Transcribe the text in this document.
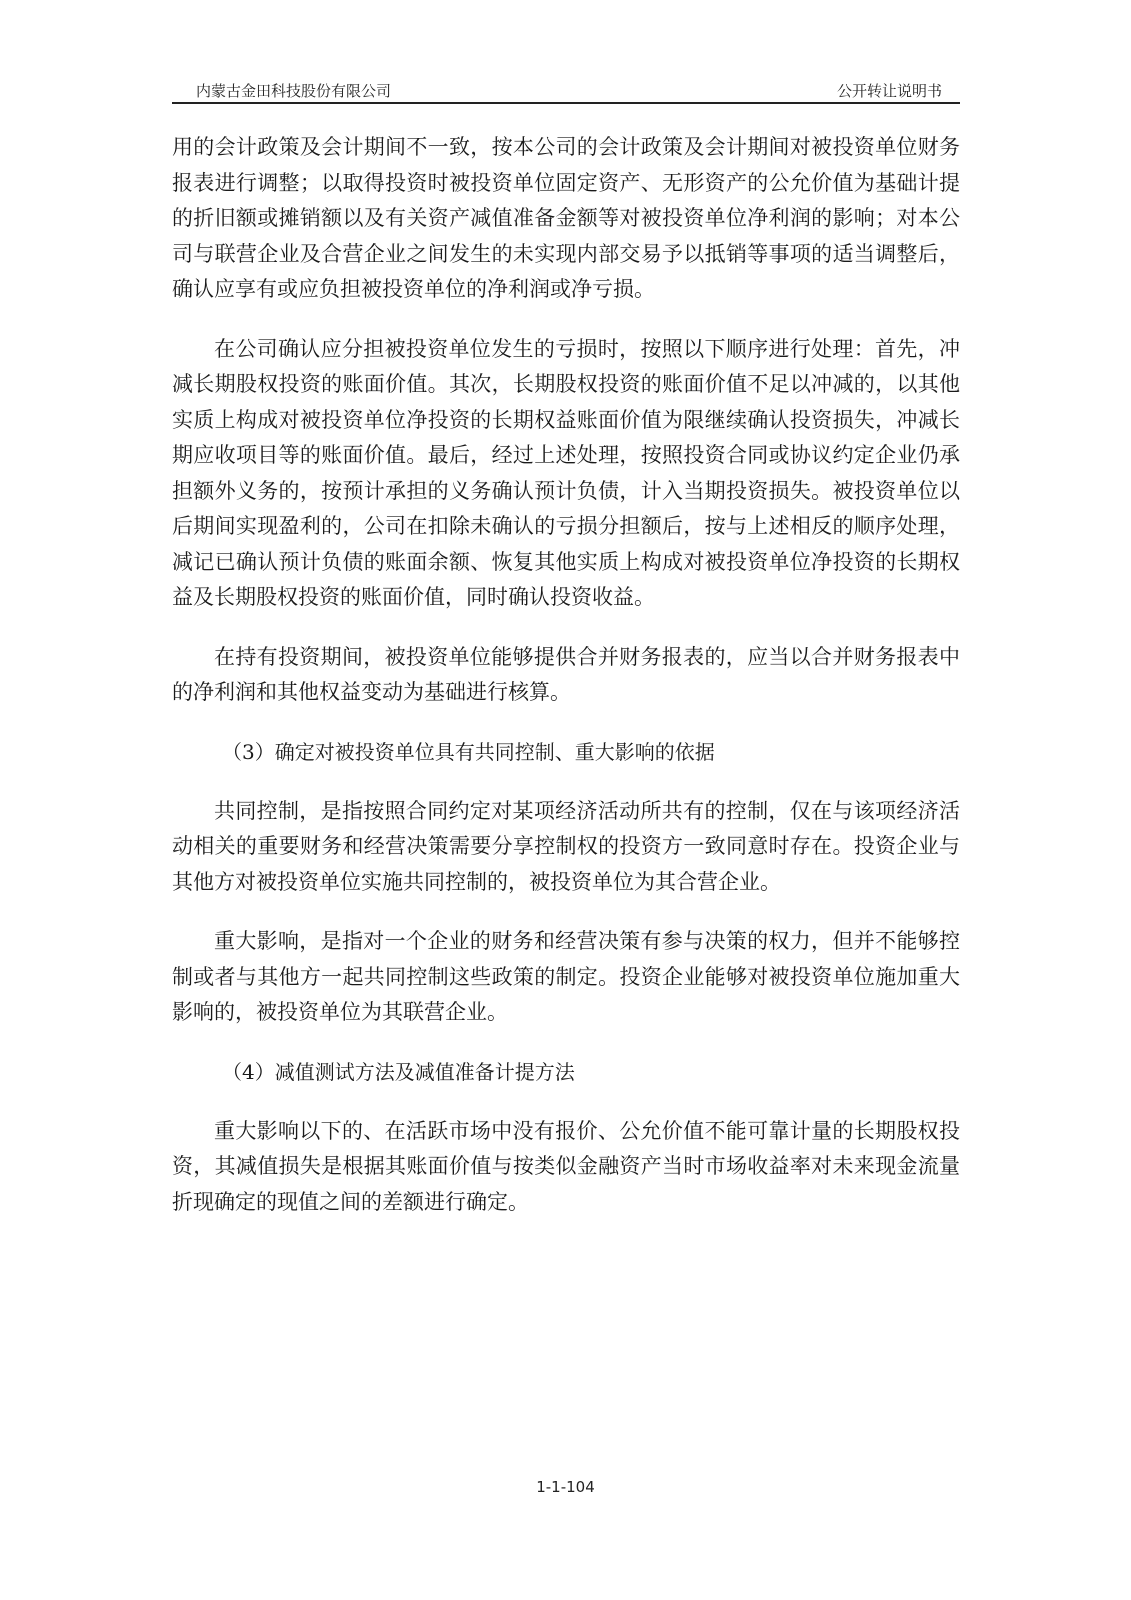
内蒙古金田科技股份有限公司	公开转让说明书

用的会计政策及会计期间不一致，按本公司的会计政策及会计期间对被投资单位财务报表进行调整；以取得投资时被投资单位固定资产、无形资产的公允价值为基础计提的折旧额或摊销额以及有关资产减值准备金额等对被投资单位净利润的影响；对本公司与联营企业及合营企业之间发生的未实现内部交易予以抵销等事项的适当调整后，确认应享有或应负担被投资单位的净利润或净亏损。

在公司确认应分担被投资单位发生的亏损时，按照以下顺序进行处理：首先，冲减长期股权投资的账面价值。其次，长期股权投资的账面价值不足以冲减的，以其他实质上构成对被投资单位净投资的长期权益账面价值为限继续确认投资损失，冲减长期应收项目等的账面价值。最后，经过上述处理，按照投资合同或协议约定企业仍承担额外义务的，按预计承担的义务确认预计负债，计入当期投资损失。被投资单位以后期间实现盈利的，公司在扣除未确认的亏损分担额后，按与上述相反的顺序处理，减记已确认预计负债的账面余额、恢复其他实质上构成对被投资单位净投资的长期权益及长期股权投资的账面价值，同时确认投资收益。

在持有投资期间，被投资单位能够提供合并财务报表的，应当以合并财务报表中的净利润和其他权益变动为基础进行核算。

（3）确定对被投资单位具有共同控制、重大影响的依据

共同控制，是指按照合同约定对某项经济活动所共有的控制，仅在与该项经济活动相关的重要财务和经营决策需要分享控制权的投资方一致同意时存在。投资企业与其他方对被投资单位实施共同控制的，被投资单位为其合营企业。

重大影响，是指对一个企业的财务和经营决策有参与决策的权力，但并不能够控制或者与其他方一起共同控制这些政策的制定。投资企业能够对被投资单位施加重大影响的，被投资单位为其联营企业。

（4）减值测试方法及减值准备计提方法

重大影响以下的、在活跃市场中没有报价、公允价值不能可靠计量的长期股权投资，其减值损失是根据其账面价值与按类似金融资产当时市场收益率对未来现金流量折现确定的现值之间的差额进行确定。

1-1-104
